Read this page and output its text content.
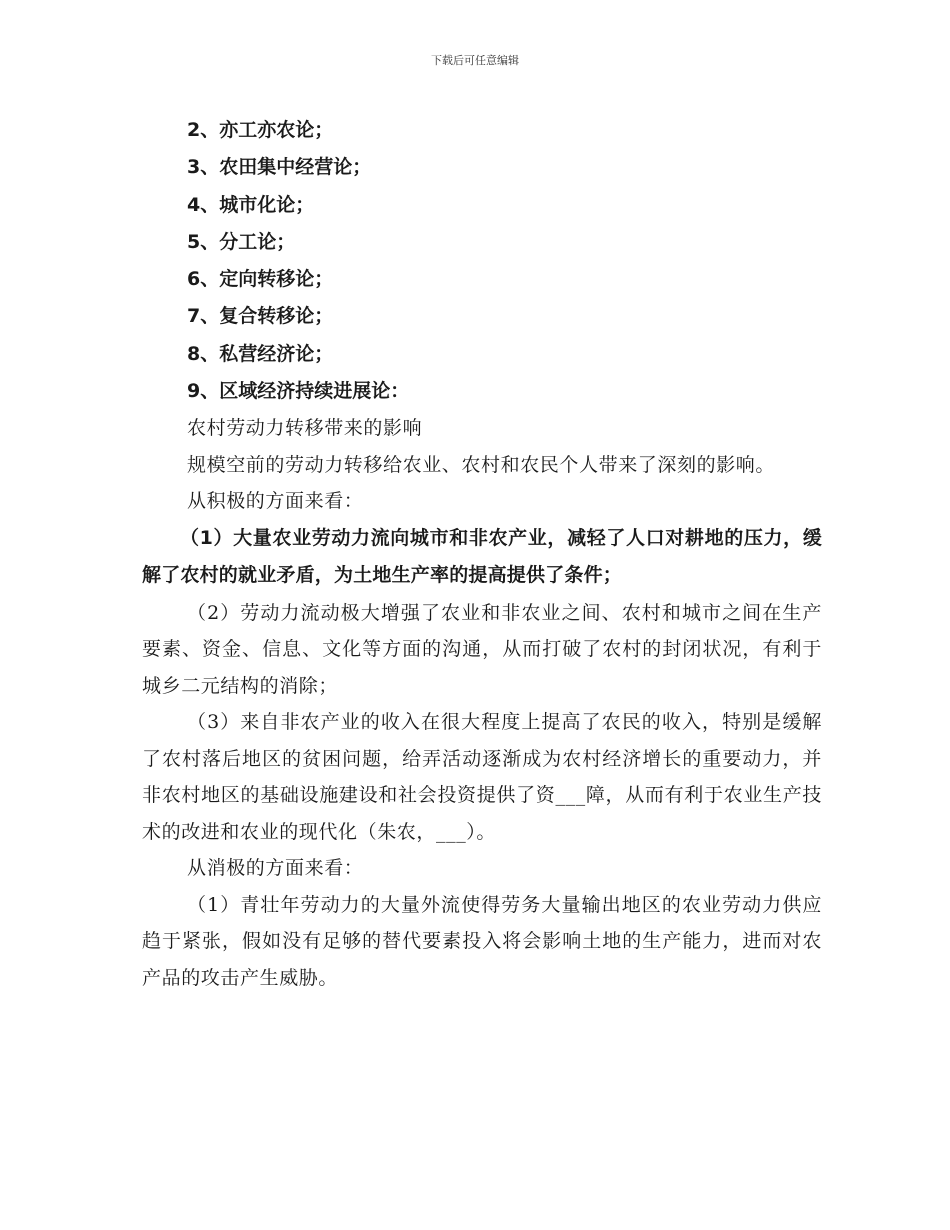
下载后可任意编辑
2、亦工亦农论；
3、农田集中经营论；
4、城市化论；
5、分工论；
6、定向转移论；
7、复合转移论；
8、私营经济论；
9、区域经济持续进展论：

农村劳动力转移带来的影响

规模空前的劳动力转移给农业、农村和农民个人带来了深刻的影响。

从积极的方面来看：

（1）大量农业劳动力流向城市和非农产业，减轻了人口对耕地的压力，缓解了农村的就业矛盾，为土地生产率的提高提供了条件；

（2）劳动力流动极大增强了农业和非农业之间、农村和城市之间在生产要素、资金、信息、文化等方面的沟通，从而打破了农村的封闭状况，有利于城乡二元结构的消除；

（3）来自非农产业的收入在很大程度上提高了农民的收入，特别是缓解了农村落后地区的贫困问题，给弄活动逐渐成为农村经济增长的重要动力，并非农村地区的基础设施建设和社会投资提供了资___障，从而有利于农业生产技术的改进和农业的现代化（朱农，___）。

从消极的方面来看：

（1）青壮年劳动力的大量外流使得劳务大量输出地区的农业劳动力供应趋于紧张，假如没有足够的替代要素投入将会影响土地的生产能力，进而对农产品的攻击产生威胁。
